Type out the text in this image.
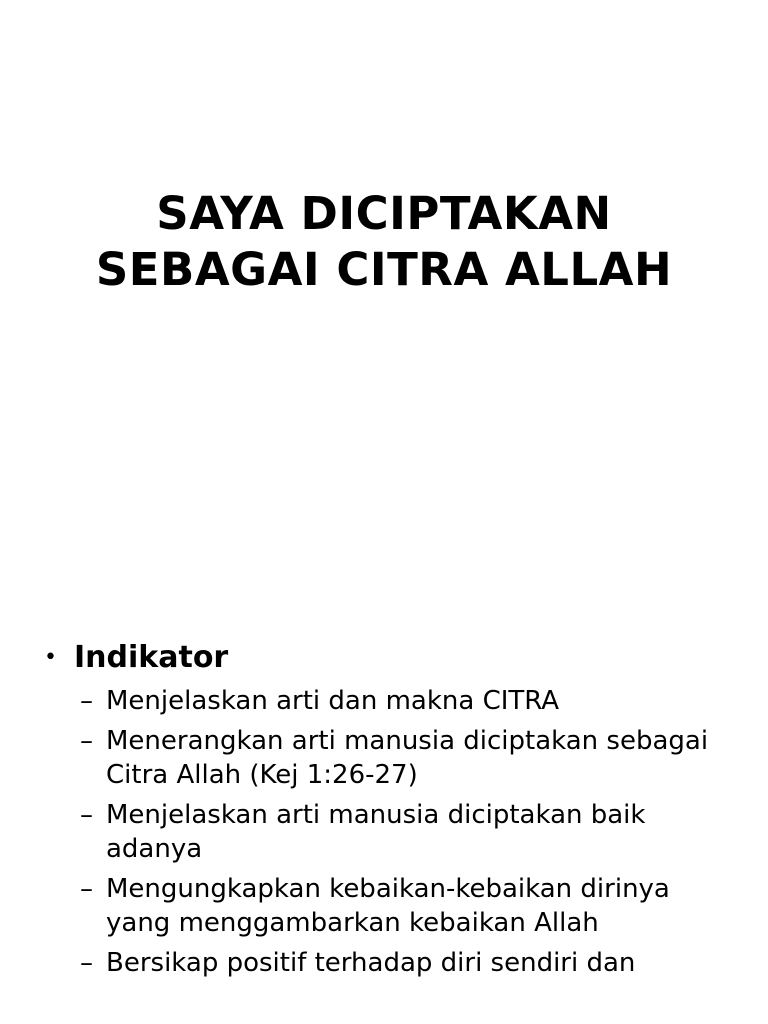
SAYA DICIPTAKAN
SEBAGAI CITRA ALLAH
• Indikator
– Menjelaskan arti dan makna CITRA
– Menerangkan arti manusia diciptakan sebagai Citra Allah (Kej 1:26-27)
– Menjelaskan arti manusia diciptakan baik adanya
– Mengungkapkan kebaikan-kebaikan dirinya yang menggambarkan kebaikan Allah
– Bersikap positif terhadap diri sendiri dan
